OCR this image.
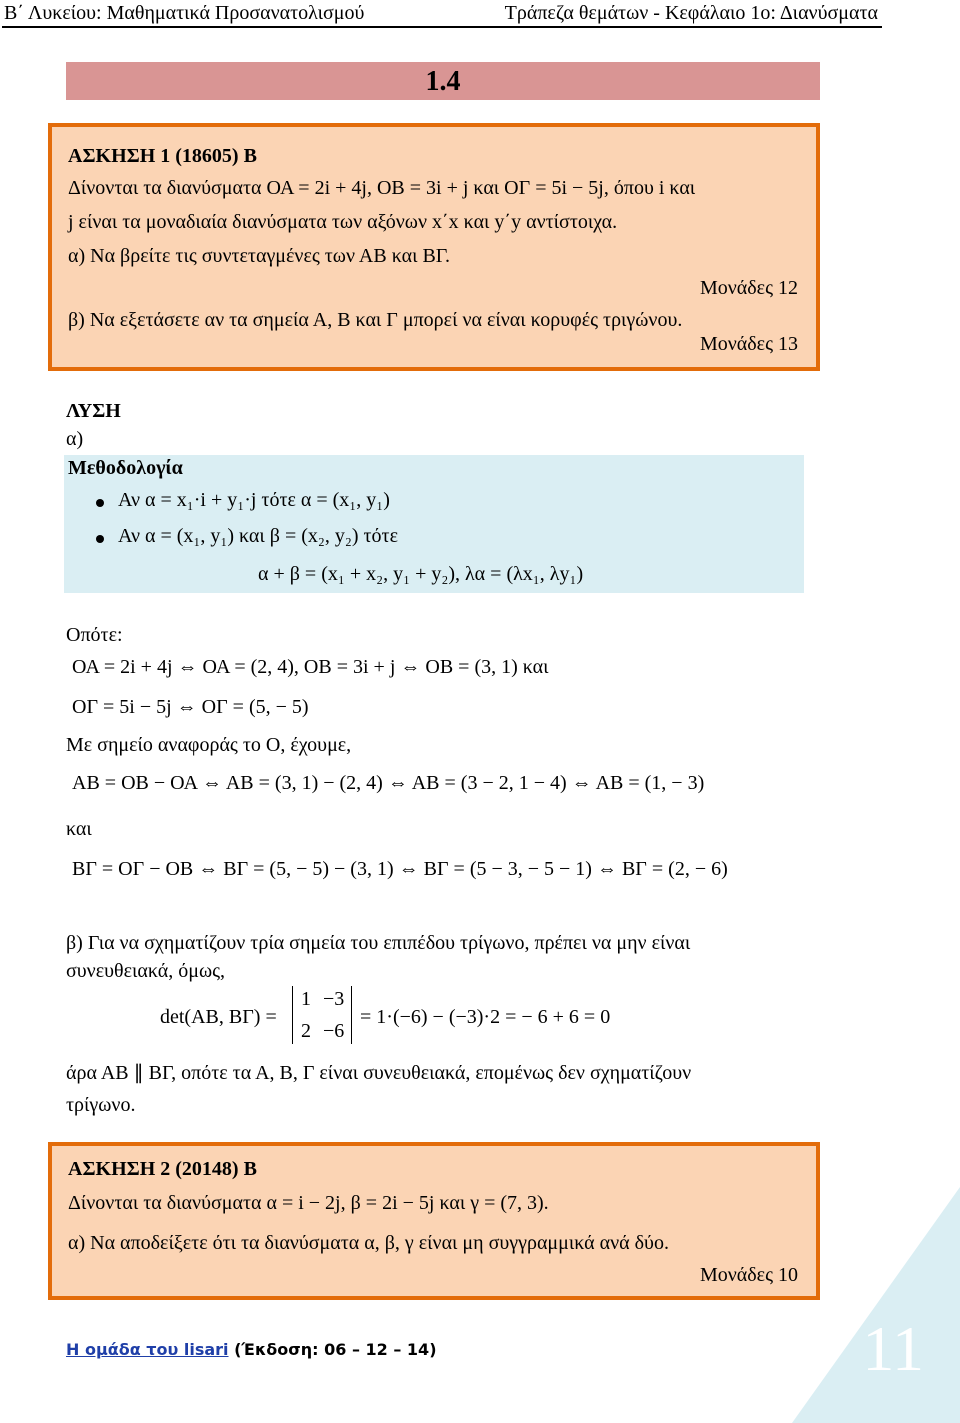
Β΄ Λυκείου: Μαθηματικά Προσανατολισμού	Τράπεζα θεμάτων - Κεφάλαιο 1ο: Διανύσματα
1.4
ΑΣΚΗΣΗ 1 (18605) Β
Δίνονται τα διανύσματα ΟΑ = 2i + 4j, ΟΒ = 3i + j και ΟΓ = 5i − 5j, όπου i και
j είναι τα μοναδιαία διανύσματα των αξόνων x΄x και y΄y αντίστοιχα.
α) Να βρείτε τις συντεταγμένες των ΑΒ και ΒΓ.
Μονάδες 12
β) Να εξετάσετε αν τα σημεία Α, Β και Γ μπορεί να είναι κορυφές τριγώνου.
Μονάδες 13
ΛΥΣΗ
α)
Μεθοδολογία
Αν α = x₁·i + y₁·j τότε α = (x₁, y₁)
Αν α = (x₁, y₁) και β = (x₂, y₂) τότε
α + β = (x₁ + x₂, y₁ + y₂), λα = (λx₁, λy₁)
Οπότε:
ΟΑ = 2i + 4j ⇔ ΟΑ = (2, 4), ΟΒ = 3i + j ⇔ ΟΒ = (3, 1) και
ΟΓ = 5i − 5j ⇔ ΟΓ = (5, − 5)
Με σημείο αναφοράς το Ο, έχουμε,
ΑΒ = ΟΒ − ΟΑ ⇔ ΑΒ = (3, 1) − (2, 4) ⇔ ΑΒ = (3 − 2, 1 − 4) ⇔ ΑΒ = (1, − 3)
και
ΒΓ = ΟΓ − ΟΒ ⇔ ΒΓ = (5, − 5) − (3, 1) ⇔ ΒΓ = (5 − 3, − 5 − 1) ⇔ ΒΓ = (2, − 6)
β) Για να σχηματίζουν τρία σημεία του επιπέδου τρίγωνο, πρέπει να μην είναι
συνευθειακά, όμως,
det(ΑΒ, ΒΓ) =
1 −3
2 −6
= 1·(−6) − (−3)·2 = − 6 + 6 = 0
άρα ΑΒ ∥ ΒΓ, οπότε τα Α, Β, Γ είναι συνευθειακά, επομένως δεν σχηματίζουν
τρίγωνο.
ΑΣΚΗΣΗ 2 (20148) Β
Δίνονται τα διανύσματα α = i − 2j, β = 2i − 5j και γ = (7, 3).
α) Να αποδείξετε ότι τα διανύσματα α, β, γ είναι μη συγγραμμικά ανά δύο.
Μονάδες 10
Η ομάδα του lisari (Έκδοση: 06 – 12 – 14)	11
